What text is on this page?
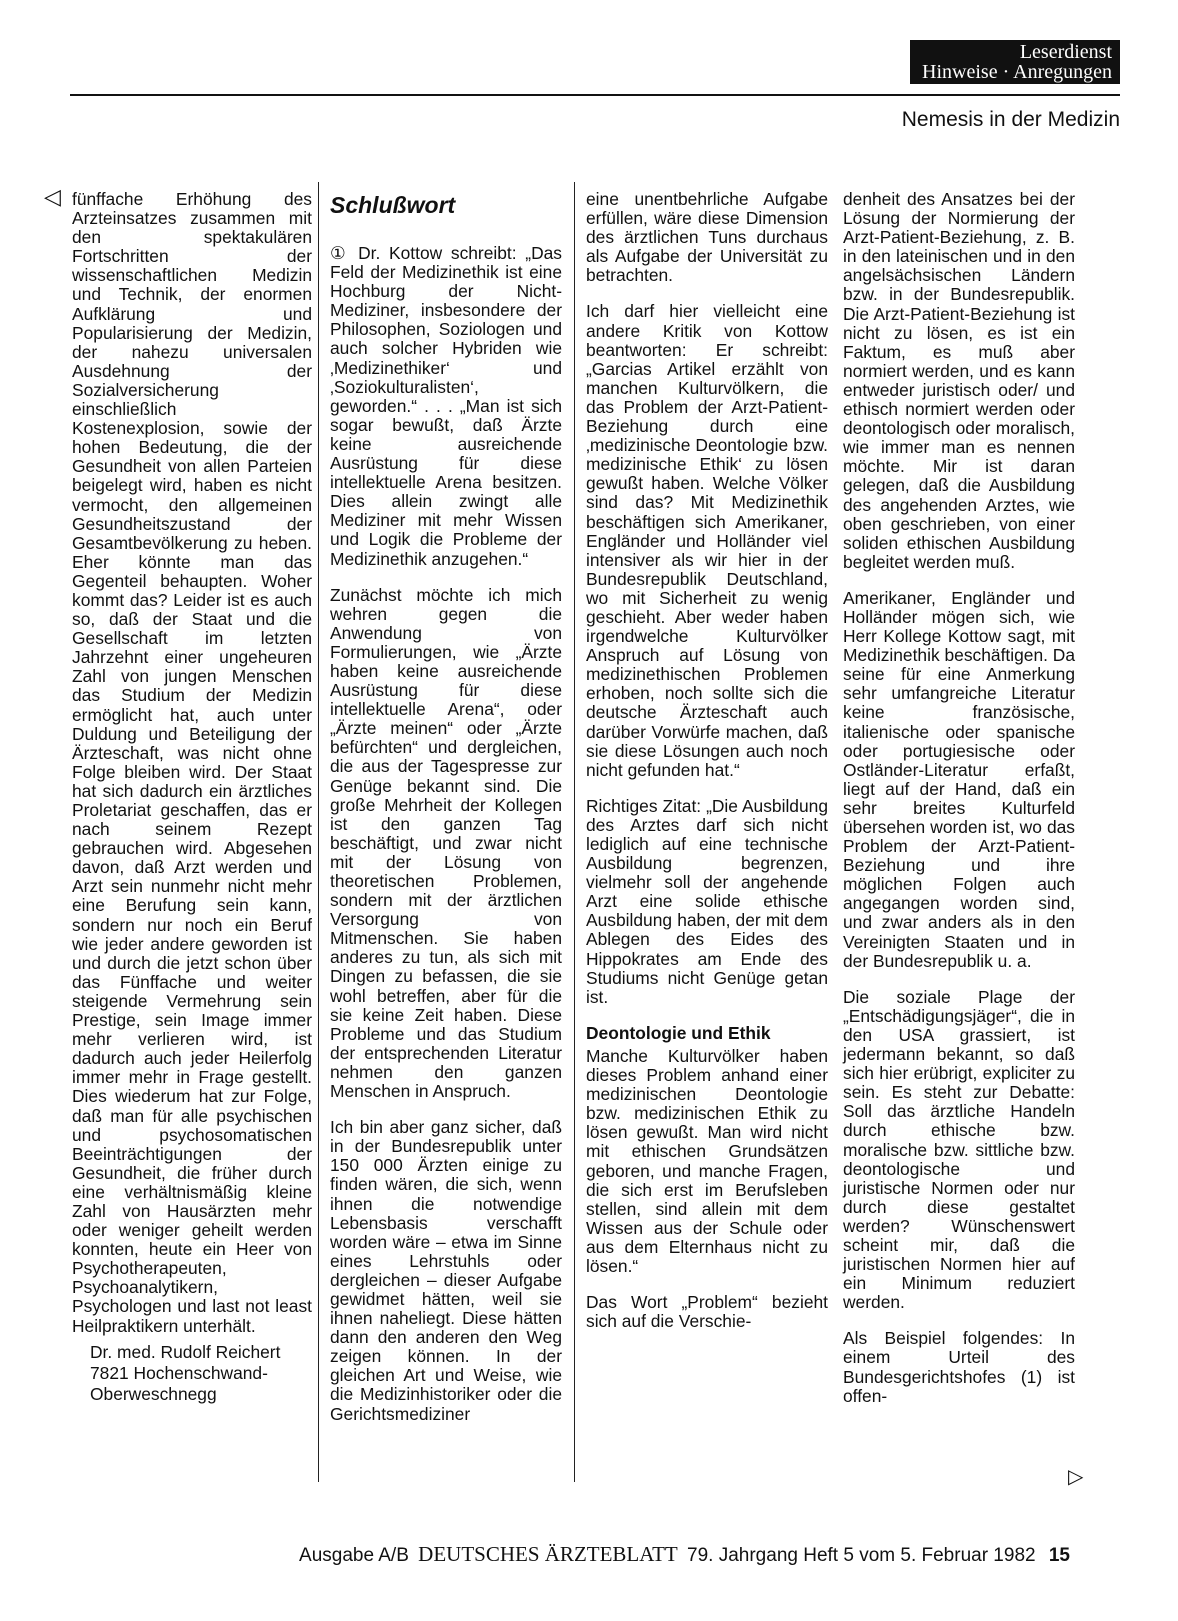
Leserdienst
Hinweise · Anregungen
Nemesis in der Medizin
◁ fünffache Erhöhung des Arzteinsatzes zusammen mit den spektakulären Fortschritten der wissenschaftlichen Medizin und Technik, der enormen Aufklärung und Popularisierung der Medizin, der nahezu universalen Ausdehnung der Sozialversicherung einschließlich Kostenexplosion, sowie der hohen Bedeutung, die der Gesundheit von allen Parteien beigelegt wird, haben es nicht vermocht, den allgemeinen Gesundheitszustand der Gesamtbevölkerung zu heben. Eher könnte man das Gegenteil behaupten. Woher kommt das? Leider ist es auch so, daß der Staat und die Gesellschaft im letzten Jahrzehnt einer ungeheuren Zahl von jungen Menschen das Studium der Medizin ermöglicht hat, auch unter Duldung und Beteiligung der Ärzteschaft, was nicht ohne Folge bleiben wird. Der Staat hat sich dadurch ein ärztliches Proletariat geschaffen, das er nach seinem Rezept gebrauchen wird. Abgesehen davon, daß Arzt werden und Arzt sein nunmehr nicht mehr eine Berufung sein kann, sondern nur noch ein Beruf wie jeder andere geworden ist und durch die jetzt schon über das Fünffache und weiter steigende Vermehrung sein Prestige, sein Image immer mehr verlieren wird, ist dadurch auch jeder Heilerfolg immer mehr in Frage gestellt. Dies wiederum hat zur Folge, daß man für alle psychischen und psychosomatischen Beeinträchtigungen der Gesundheit, die früher durch eine verhältnismäßig kleine Zahl von Hausärzten mehr oder weniger geheilt werden konnten, heute ein Heer von Psychotherapeuten, Psychoanalytikern, Psychologen und last not least Heilpraktikern unterhält.

Dr. med. Rudolf Reichert
7821 Hochenschwand-
Oberweschnegg
Schlußwort

① Dr. Kottow schreibt: „Das Feld der Medizinethik ist eine Hochburg der Nicht-Mediziner, insbesondere der Philosophen, Soziologen und auch solcher Hybriden wie ‚Medizinethiker‘ und ‚Soziokulturalisten‘, geworden.“ . . . „Man ist sich sogar bewußt, daß Ärzte keine ausreichende Ausrüstung für diese intellektuelle Arena besitzen. Dies allein zwingt alle Mediziner mit mehr Wissen und Logik die Probleme der Medizinethik anzugehen.“

Zunächst möchte ich mich wehren gegen die Anwendung von Formulierungen, wie „Ärzte haben keine ausreichende Ausrüstung für diese intellektuelle Arena“, oder „Ärzte meinen“ oder „Ärzte befürchten“ und dergleichen, die aus der Tagespresse zur Genüge bekannt sind. Die große Mehrheit der Kollegen ist den ganzen Tag beschäftigt, und zwar nicht mit der Lösung von theoretischen Problemen, sondern mit der ärztlichen Versorgung von Mitmenschen. Sie haben anderes zu tun, als sich mit Dingen zu befassen, die sie wohl betreffen, aber für die sie keine Zeit haben. Diese Probleme und das Studium der entsprechenden Literatur nehmen den ganzen Menschen in Anspruch.

Ich bin aber ganz sicher, daß in der Bundesrepublik unter 150 000 Ärzten einige zu finden wären, die sich, wenn ihnen die notwendige Lebensbasis verschafft worden wäre – etwa im Sinne eines Lehrstuhls oder dergleichen – dieser Aufgabe gewidmet hätten, weil sie ihnen naheliegt. Diese hätten dann den anderen den Weg zeigen können. In der gleichen Art und Weise, wie die Medizinhistoriker oder die Gerichtsmediziner

eine unentbehrliche Aufgabe erfüllen, wäre diese Dimension des ärztlichen Tuns durchaus als Aufgabe der Universität zu betrachten.

Ich darf hier vielleicht eine andere Kritik von Kottow beantworten: Er schreibt: „Garcias Artikel erzählt von manchen Kulturvölkern, die das Problem der Arzt-Patient-Beziehung durch eine ‚medizinische Deontologie bzw. medizinische Ethik‘ zu lösen gewußt haben. Welche Völker sind das? Mit Medizinethik beschäftigen sich Amerikaner, Engländer und Holländer viel intensiver als wir hier in der Bundesrepublik Deutschland, wo mit Sicherheit zu wenig geschieht. Aber weder haben irgendwelche Kulturvölker Anspruch auf Lösung von medizinethischen Problemen erhoben, noch sollte sich die deutsche Ärzteschaft auch darüber Vorwürfe machen, daß sie diese Lösungen auch noch nicht gefunden hat.“

Richtiges Zitat: „Die Ausbildung des Arztes darf sich nicht lediglich auf eine technische Ausbildung begrenzen, vielmehr soll der angehende Arzt eine solide ethische Ausbildung haben, der mit dem Ablegen des Eides des Hippokrates am Ende des Studiums nicht Genüge getan ist.

Deontologie und Ethik

Manche Kulturvölker haben dieses Problem anhand einer medizinischen Deontologie bzw. medizinischen Ethik zu lösen gewußt. Man wird nicht mit ethischen Grundsätzen geboren, und manche Fragen, die sich erst im Berufsleben stellen, sind allein mit dem Wissen aus der Schule oder aus dem Elternhaus nicht zu lösen.“

Das Wort „Problem“ bezieht sich auf die Verschie-

denheit des Ansatzes bei der Lösung der Normierung der Arzt-Patient-Beziehung, z. B. in den lateinischen und in den angelsächsischen Ländern bzw. in der Bundesrepublik. Die Arzt-Patient-Beziehung ist nicht zu lösen, es ist ein Faktum, es muß aber normiert werden, und es kann entweder juristisch oder/ und ethisch normiert werden oder deontologisch oder moralisch, wie immer man es nennen möchte. Mir ist daran gelegen, daß die Ausbildung des angehenden Arztes, wie oben geschrieben, von einer soliden ethischen Ausbildung begleitet werden muß.

Amerikaner, Engländer und Holländer mögen sich, wie Herr Kollege Kottow sagt, mit Medizinethik beschäftigen. Da seine für eine Anmerkung sehr umfangreiche Literatur keine französische, italienische oder spanische oder portugiesische oder Ostländer-Literatur erfaßt, liegt auf der Hand, daß ein sehr breites Kulturfeld übersehen worden ist, wo das Problem der Arzt-Patient-Beziehung und ihre möglichen Folgen auch angegangen worden sind, und zwar anders als in den Vereinigten Staaten und in der Bundesrepublik u. a.

Die soziale Plage der „Entschädigungsjäger“, die in den USA grassiert, ist jedermann bekannt, so daß sich hier erübrigt, expliciter zu sein. Es steht zur Debatte: Soll das ärztliche Handeln durch ethische bzw. moralische bzw. sittliche bzw. deontologische und juristische Normen oder nur durch diese gestaltet werden? Wünschenswert scheint mir, daß die juristischen Normen hier auf ein Minimum reduziert werden.

Als Beispiel folgendes: In einem Urteil des Bundesgerichtshofes (1) ist offen-

▷
Ausgabe A/B DEUTSCHES ÄRZTEBLATT 79. Jahrgang Heft 5 vom 5. Februar 1982 15
